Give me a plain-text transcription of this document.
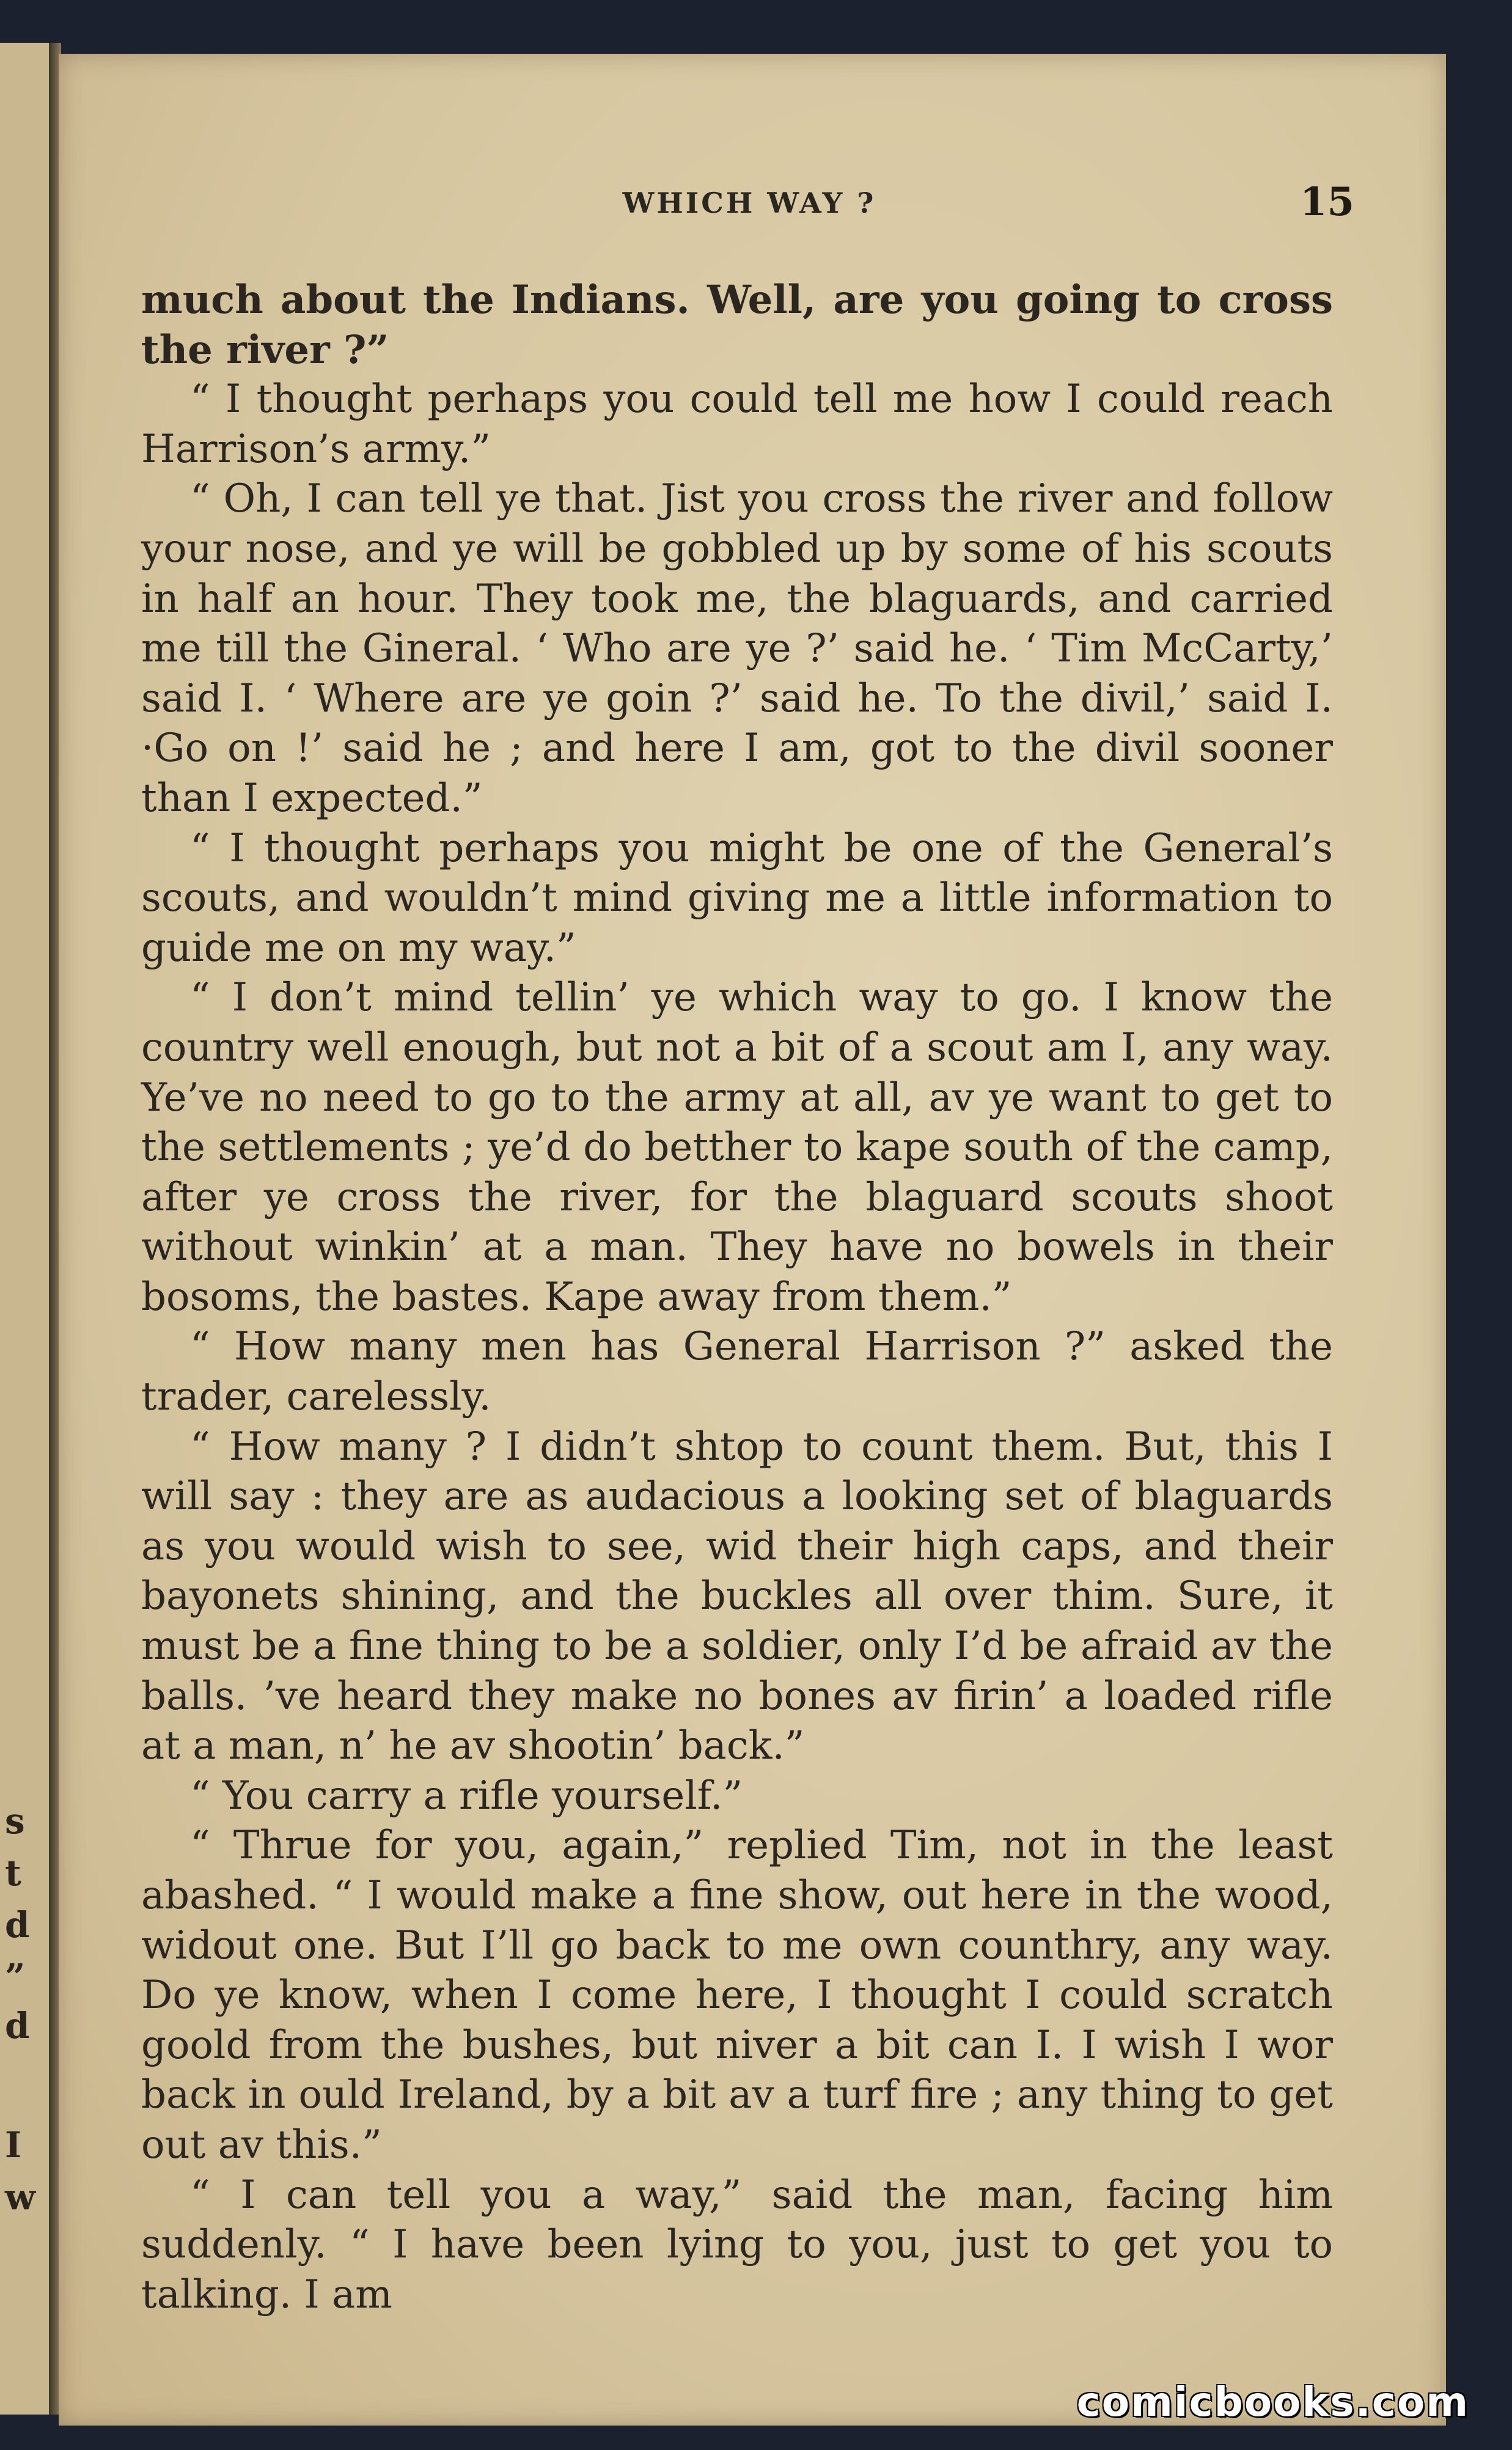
s
t
d
”
d
I
w
WHICH WAY ?	15

much about the Indians. Well, are you going to cross the river ?”

“ I thought perhaps you could tell me how I could reach Harrison’s army.”

“ Oh, I can tell ye that. Jist you cross the river and follow your nose, and ye will be gobbled up by some of his scouts in half an hour. They took me, the blaguards, and carried me till the Gineral. ‘ Who are ye ?’ said he. ‘ Tim McCarty,’ said I. ‘ Where are ye goin ?’ said he. To the divil,’ said I. ·Go on !’ said he ; and here I am, got to the divil sooner than I expected.”

“ I thought perhaps you might be one of the General’s scouts, and wouldn’t mind giving me a little information to guide me on my way.”

“ I don’t mind tellin’ ye which way to go. I know the country well enough, but not a bit of a scout am I, any way. Ye’ve no need to go to the army at all, av ye want to get to the settlements ; ye’d do betther to kape south of the camp, after ye cross the river, for the blaguard scouts shoot without winkin’ at a man. They have no bowels in their bosoms, the bastes. Kape away from them.”

“ How many men has General Harrison ?” asked the trader, carelessly.

“ How many ? I didn’t shtop to count them. But, this I will say : they are as audacious a looking set of blaguards as you would wish to see, wid their high caps, and their bayonets shining, and the buckles all over thim. Sure, it must be a fine thing to be a soldier, only I’d be afraid av the balls. ’ve heard they make no bones av firin’ a loaded rifle at a man, n’ he av shootin’ back.”

“ You carry a rifle yourself.”

“ Thrue for you, again,” replied Tim, not in the least abashed. “ I would make a fine show, out here in the wood, widout one. But I’ll go back to me own counthry, any way. Do ye know, when I come here, I thought I could scratch goold from the bushes, but niver a bit can I. I wish I wor back in ould Ireland, by a bit av a turf fire ; any thing to get out av this.”

“ I can tell you a way,” said the man, facing him suddenly. “ I have been lying to you, just to get you to talking. I am

comicbooks.com
